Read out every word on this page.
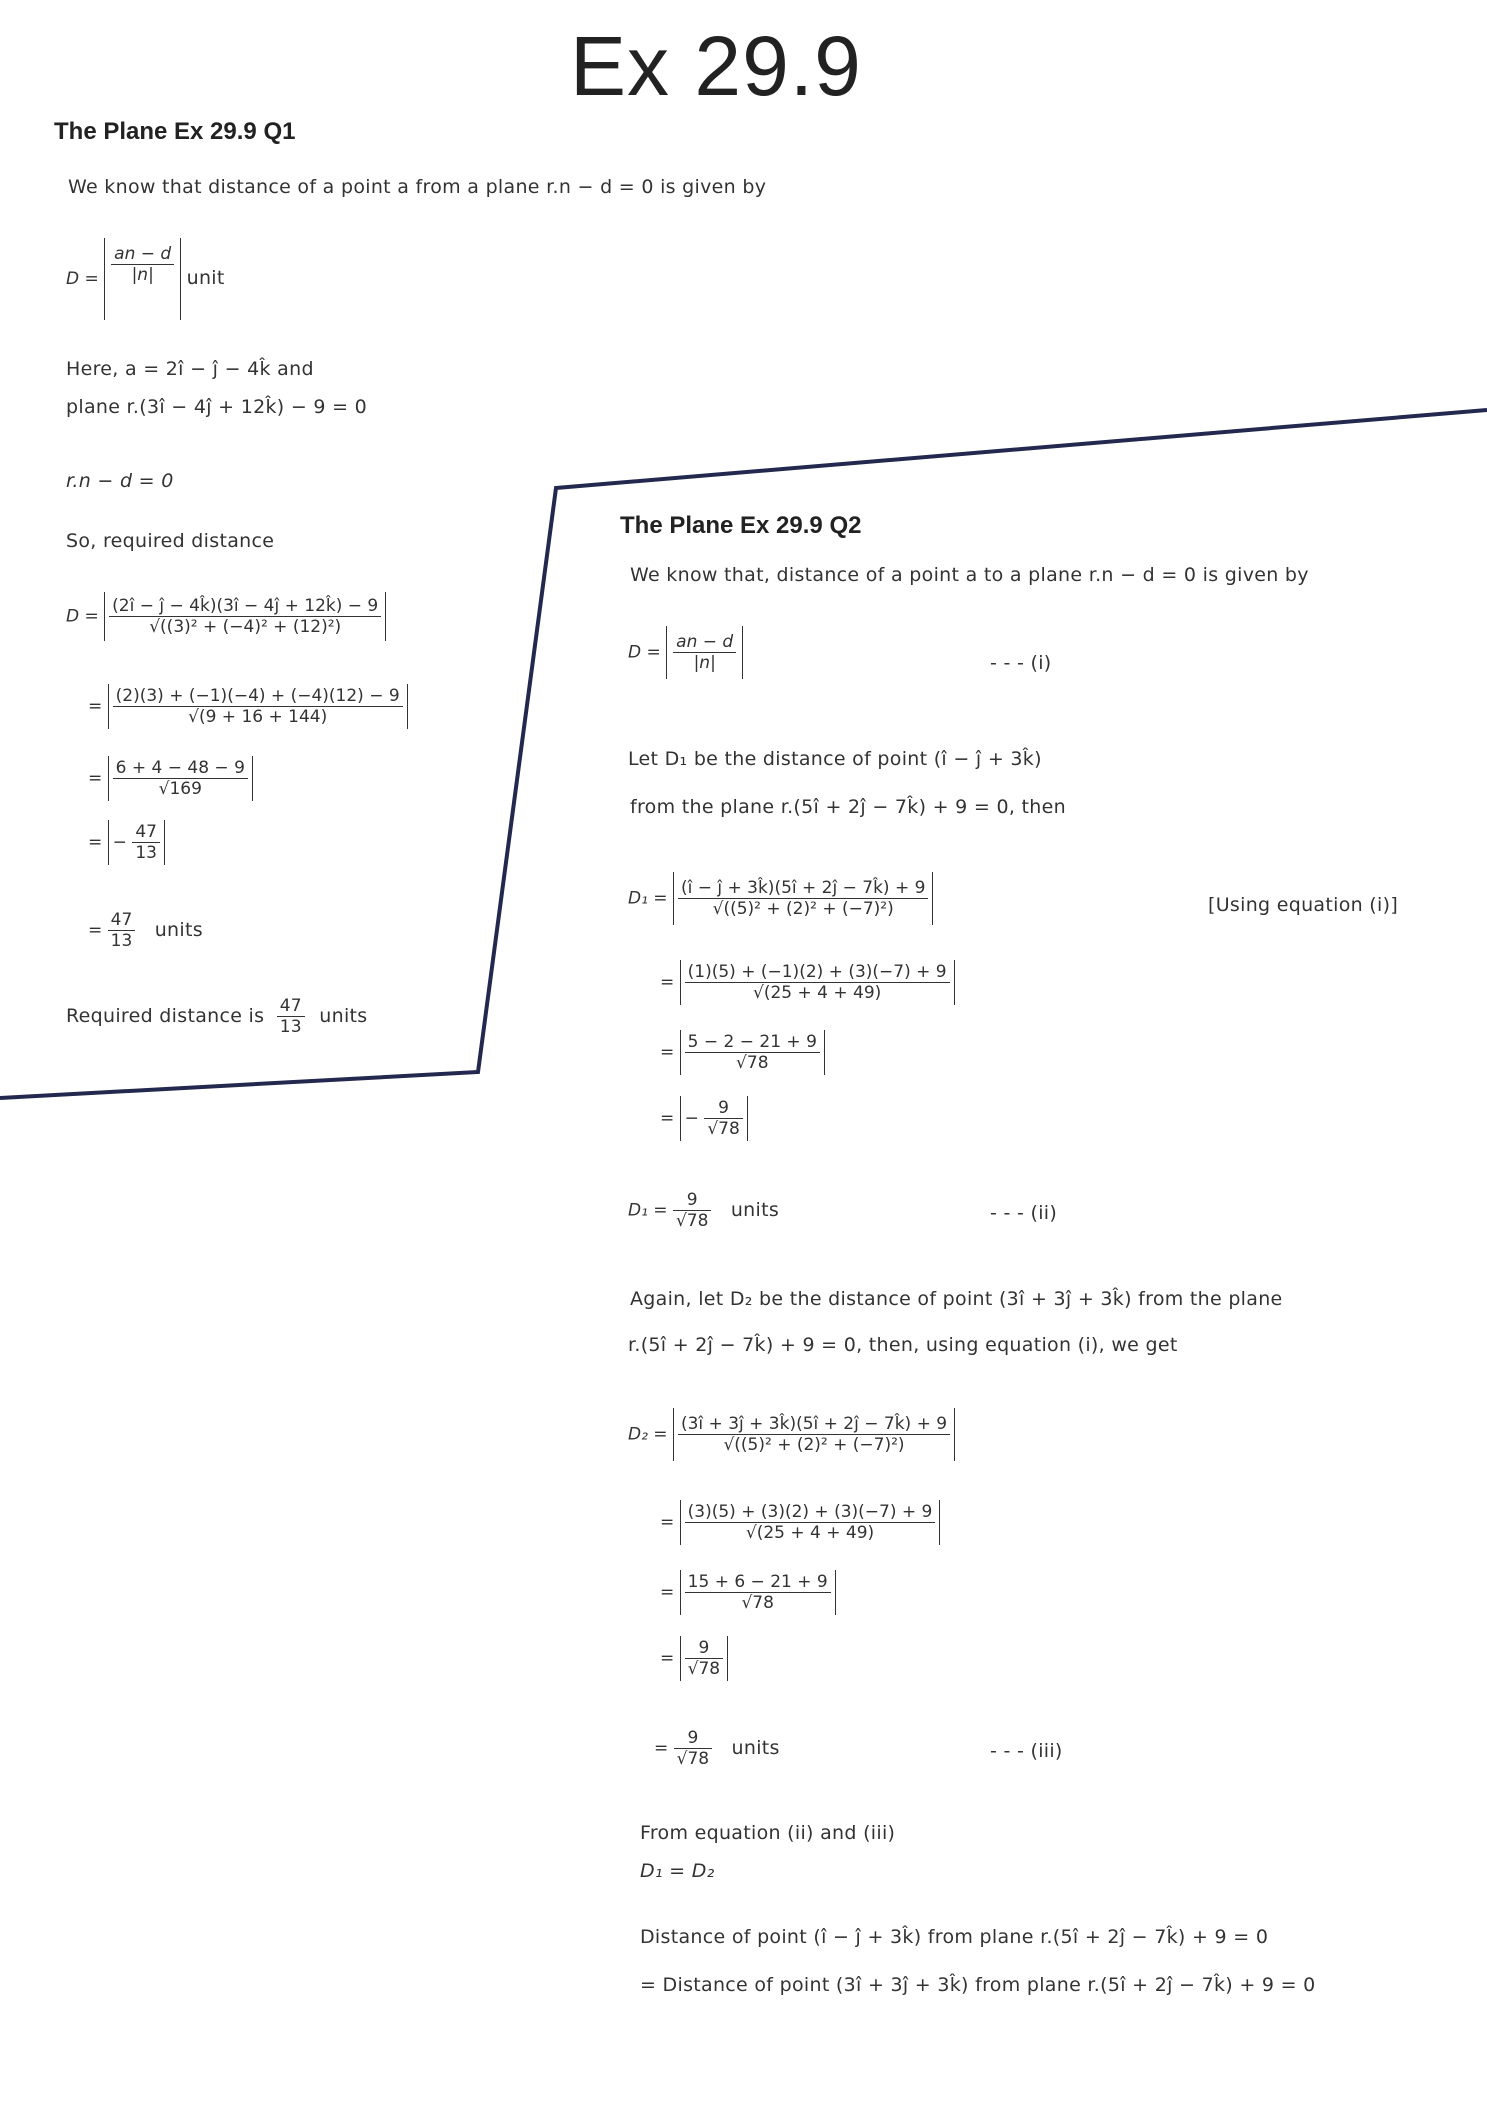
Ex 29.9
The Plane Ex 29.9 Q1
We know that distance of a point a from a plane r.n − d = 0 is given by
$D = \frac{an - d}{|n|}$ unit
Here, a = 2î − ĵ − 4k̂ and
plane r.(3î − 4ĵ + 12k̂) − 9 = 0
r.n − d = 0
So, required distance
$D = \frac{(2î - ĵ - 4k̂)(3î - 4ĵ + 12k̂) - 9}{\text{√((3)² + (−4)² + (12)²)}}$
= $\frac{(2)(3) + (-1)(-4) + (-4)(12) - 9}{√(9 + 16 + 144)}$
= $\frac{6 + 4 - 48 - 9}{√169}$
= − $\frac{47}{13}$
= $\frac{47}{13}$ units
Required distance is $\frac{47}{13}$ units
The Plane Ex 29.9 Q2
We know that, distance of a point a to a plane r.n − d = 0 is given by
$D = \frac{an - d}{|n|}$	- - - (i)
Let D₁ be the distance of point (î − ĵ + 3k̂)
from the plane r.(5î + 2ĵ − 7k̂) + 9 = 0, then
$D_1 = \frac{(î - ĵ + 3k̂)(5î + 2ĵ - 7k̂) + 9}{\text{√((5)² + (2)² + (−7)²)}}$	[Using equation (i)]
= $\frac{(1)(5) + (-1)(2) + (3)(-7) + 9}{√(25 + 4 + 49)}$
= $\frac{5 - 2 - 21 + 9}{√78}$
= − $\frac{9}{√78}$
$D_1 = \frac{9}{√78}$ units	- - - (ii)
Again, let D₂ be the distance of point (3î + 3ĵ + 3k̂) from the plane
r.(5î + 2ĵ − 7k̂) + 9 = 0, then, using equation (i), we get
$D_2 = \frac{(3î + 3ĵ + 3k̂)(5î + 2ĵ - 7k̂) + 9}{\text{√((5)² + (2)² + (−7)²)}}$
= $\frac{(3)(5) + (3)(2) + (3)(-7) + 9}{√(25 + 4 + 49)}$
= $\frac{15 + 6 - 21 + 9}{√78}$
= $\frac{9}{√78}$
= $\frac{9}{√78}$ units	- - - (iii)
From equation (ii) and (iii)
D₁ = D₂
Distance of point (î − ĵ + 3k̂) from plane r.(5î + 2ĵ − 7k̂) + 9 = 0
= Distance of point (3î + 3ĵ + 3k̂) from plane r.(5î + 2ĵ − 7k̂) + 9 = 0
